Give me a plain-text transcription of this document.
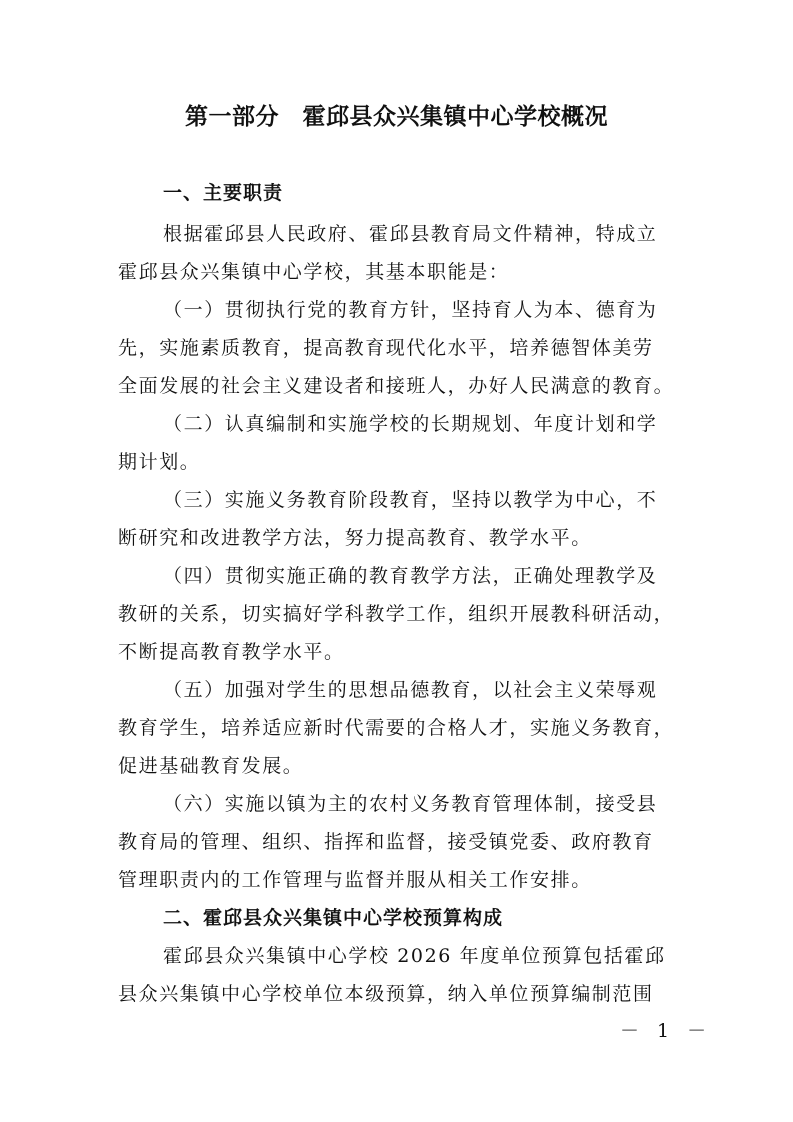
第一部分　霍邱县众兴集镇中心学校概况
一、主要职责
根据霍邱县人民政府、霍邱县教育局文件精神，特成立
霍邱县众兴集镇中心学校，其基本职能是：
（一）贯彻执行党的教育方针，坚持育人为本、德育为
先，实施素质教育，提高教育现代化水平，培养德智体美劳
全面发展的社会主义建设者和接班人，办好人民满意的教育。
（二）认真编制和实施学校的长期规划、年度计划和学
期计划。
（三）实施义务教育阶段教育，坚持以教学为中心，不
断研究和改进教学方法，努力提高教育、教学水平。
（四）贯彻实施正确的教育教学方法，正确处理教学及
教研的关系，切实搞好学科教学工作，组织开展教科研活动，
不断提高教育教学水平。
（五）加强对学生的思想品德教育，以社会主义荣辱观
教育学生，培养适应新时代需要的合格人才，实施义务教育，
促进基础教育发展。
（六）实施以镇为主的农村义务教育管理体制，接受县
教育局的管理、组织、指挥和监督，接受镇党委、政府教育
管理职责内的工作管理与监督并服从相关工作安排。
二、霍邱县众兴集镇中心学校预算构成
霍邱县众兴集镇中心学校 2026 年度单位预算包括霍邱
县众兴集镇中心学校单位本级预算，纳入单位预算编制范围
－ 1 －
